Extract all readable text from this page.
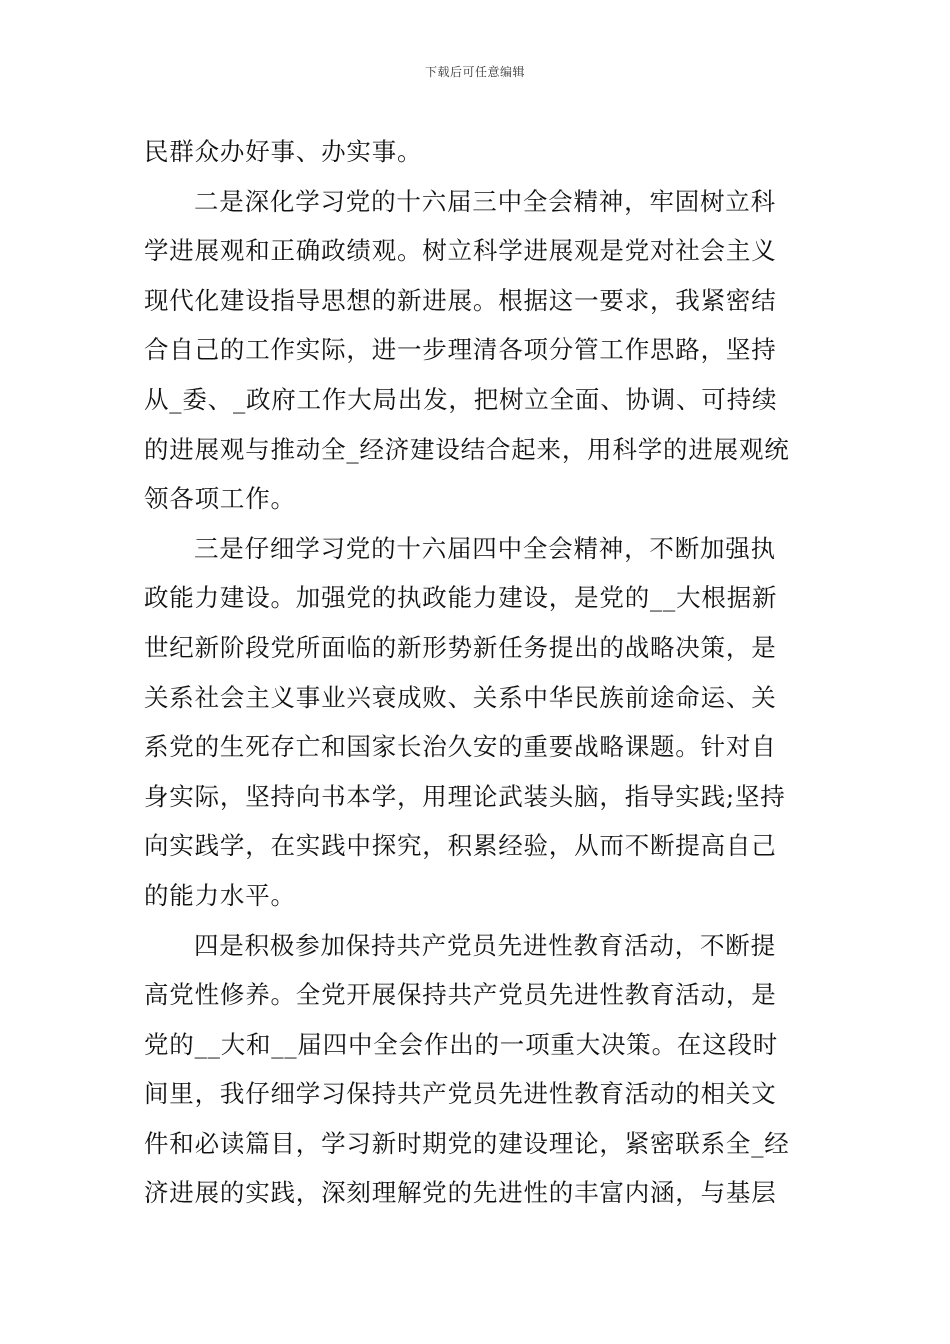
下载后可任意编辑
民群众办好事、办实事。
二是深化学习党的十六届三中全会精神，牢固树立科
学进展观和正确政绩观。树立科学进展观是党对社会主义
现代化建设指导思想的新进展。根据这一要求，我紧密结
合自己的工作实际，进一步理清各项分管工作思路，坚持
从_委、_政府工作大局出发，把树立全面、协调、可持续
的进展观与推动全_经济建设结合起来，用科学的进展观统
领各项工作。
三是仔细学习党的十六届四中全会精神，不断加强执
政能力建设。加强党的执政能力建设，是党的__大根据新
世纪新阶段党所面临的新形势新任务提出的战略决策，是
关系社会主义事业兴衰成败、关系中华民族前途命运、关
系党的生死存亡和国家长治久安的重要战略课题。针对自
身实际，坚持向书本学，用理论武装头脑，指导实践;坚持
向实践学，在实践中探究，积累经验，从而不断提高自己
的能力水平。
四是积极参加保持共产党员先进性教育活动，不断提
高党性修养。全党开展保持共产党员先进性教育活动，是
党的__大和__届四中全会作出的一项重大决策。在这段时
间里，我仔细学习保持共产党员先进性教育活动的相关文
件和必读篇目，学习新时期党的建设理论，紧密联系全_经
济进展的实践，深刻理解党的先进性的丰富内涵，与基层
